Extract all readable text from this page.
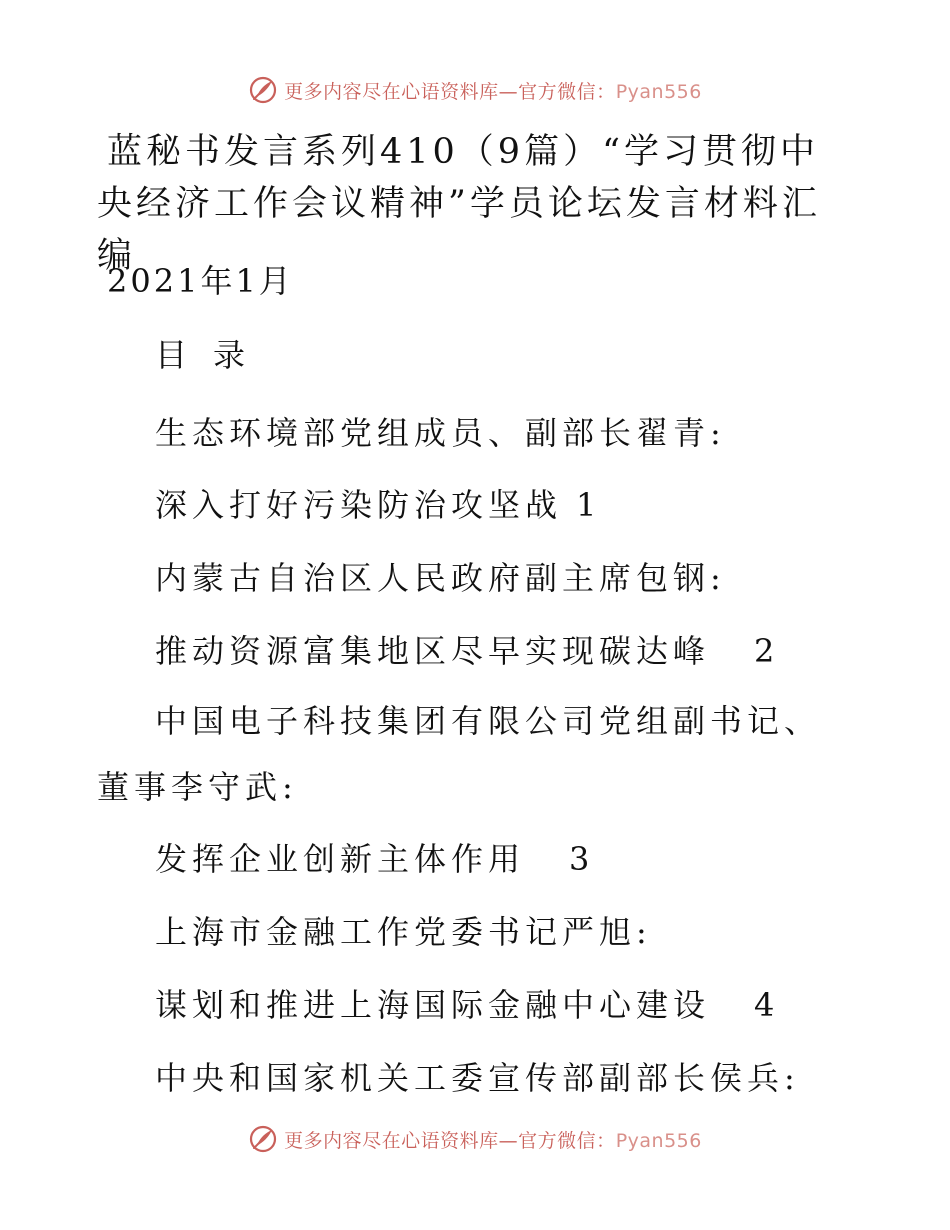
更多内容尽在心语资料库—官方微信：Pyan556
蓝秘书发言系列410（9篇）“学习贯彻中央经济工作会议精神”学员论坛发言材料汇编

2021年1月

目录

生态环境部党组成员、副部长翟青:

深入打好污染防治攻坚战 1

内蒙古自治区人民政府副主席包钢:

推动资源富集地区尽早实现碳达峰 2

中国电子科技集团有限公司党组副书记、董事李守武:

发挥企业创新主体作用 3

上海市金融工作党委书记严旭:

谋划和推进上海国际金融中心建设 4

中央和国家机关工委宣传部副部长侯兵:

更多内容尽在心语资料库—官方微信：Pyan556
